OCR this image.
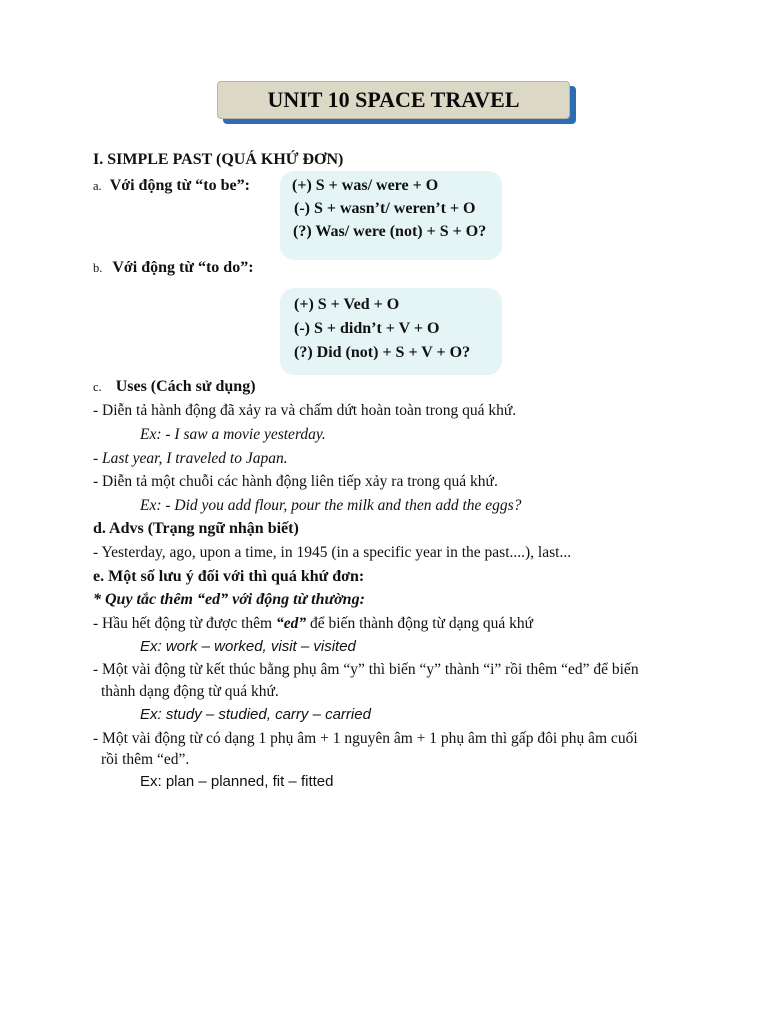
UNIT 10 SPACE TRAVEL
I. SIMPLE PAST (QUÁ KHỨ ĐƠN)
a. Với động từ “to be”:	(+) S + was/ were + O
(-) S + wasn’t/ weren’t + O
(?) Was/ were (not) + S + O?
b. Với động từ “to do”:
(+) S + Ved + O
(-) S + didn’t + V + O
(?) Did (not) + S + V + O?
c. Uses (Cách sử dụng)
- Diễn tả hành động đã xảy ra và chấm dứt hoàn toàn trong quá khứ.
Ex: - I saw a movie yesterday.
- Last year, I traveled to Japan.
- Diễn tả một chuỗi các hành động liên tiếp xảy ra trong quá khứ.
Ex: - Did you add flour, pour the milk and then add the eggs?
d. Advs (Trạng ngữ nhận biết)
- Yesterday, ago, upon a time, in 1945 (in a specific year in the past....), last...
e. Một số lưu ý đối với thì quá khứ đơn:
* Quy tắc thêm “ed” với động từ thường:
- Hầu hết động từ được thêm “ed” để biến thành động từ dạng quá khứ
Ex: work – worked, visit – visited
- Một vài động từ kết thúc bằng phụ âm “y” thì biến “y” thành “i” rồi thêm “ed” để biến
thành dạng động từ quá khứ.
Ex: study – studied, carry – carried
- Một vài động từ có dạng 1 phụ âm + 1 nguyên âm + 1 phụ âm thì gấp đôi phụ âm cuối
rồi thêm “ed”.
Ex: plan – planned, fit – fitted
